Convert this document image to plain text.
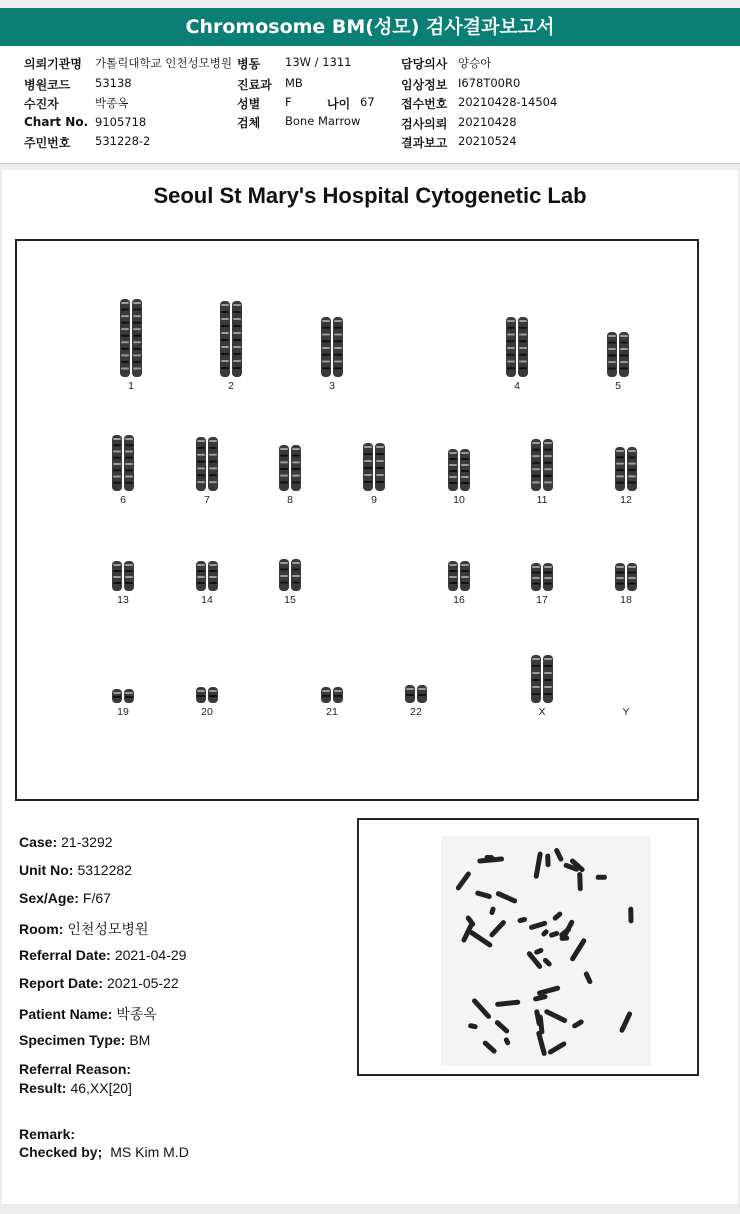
Chromosome BM(성모) 검사결과보고서
의뢰기관명 가톨릭대학교 인천성모병원
병원코드 53138
수진자	박종옥
Chart No. 9105718
주민번호 531228-2
병동 13W / 1311
진료과 MB
성별 F	나이 67
검체 Bone Marrow
담당의사 양승아
임상정보 I678T00R0
접수번호 20210428-14504
검사의뢰 20210428
결과보고 20210524
Seoul St Mary's Hospital Cytogenetic Lab
1	2	3	4	5
6	7	8	9	10	11	12
13	14	15	16	17	18
19	20	21	22	X	Y
Case: 21-3292
Unit No: 5312282
Sex/Age: F/67
Room: 인천성모병원
Referral Date: 2021-04-29
Report Date: 2021-05-22
Patient Name: 박종옥
Specimen Type: BM
Referral Reason:
Result: 46,XX[20]
Remark:
Checked by; MS Kim M.D
